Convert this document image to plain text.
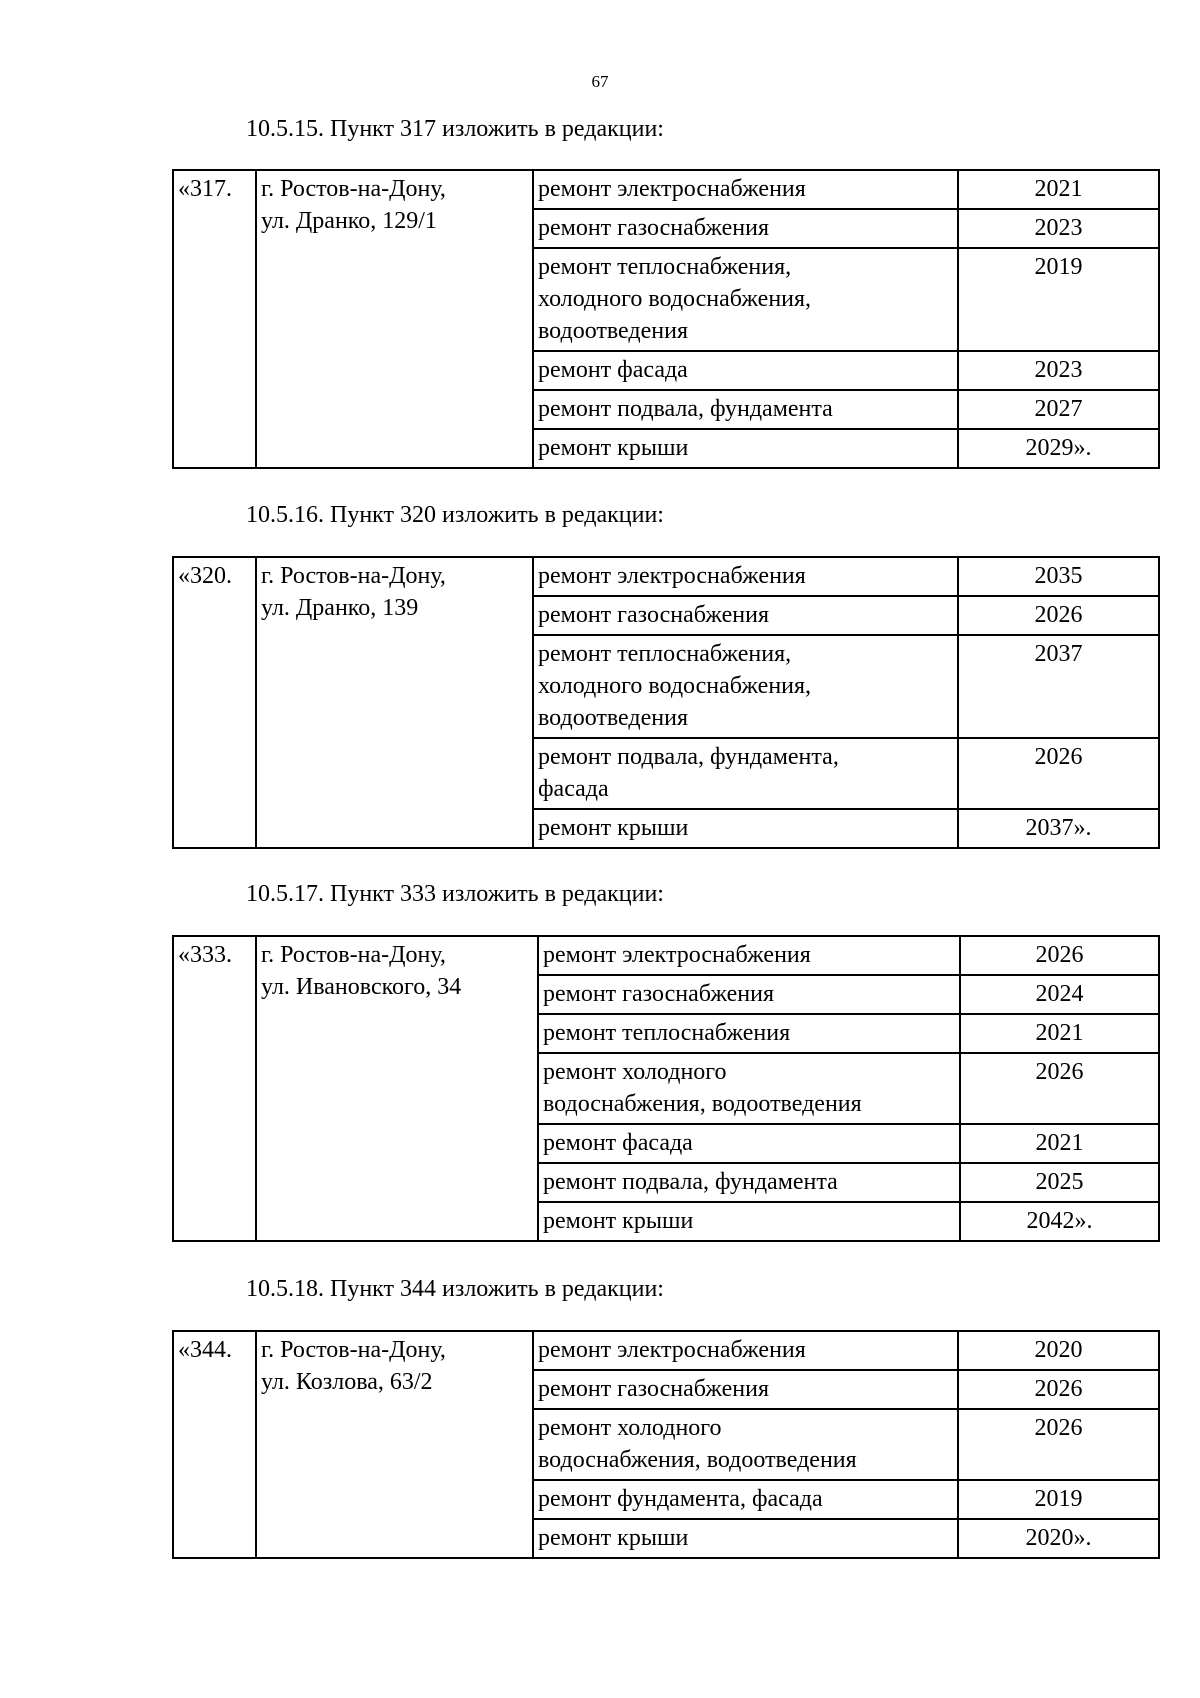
67
10.5.15. Пункт 317 изложить в редакции:
«317.	г. Ростов-на-Дону,
ул. Дранко, 129/1	ремонт электроснабжения	2021

		ремонт газоснабжения	2023

		ремонт теплоснабжения,
холодного водоснабжения,
водоотведения	2019

		ремонт фасада	2023

		ремонт подвала, фундамента	2027

		ремонт крыши	2029».
10.5.16. Пункт 320 изложить в редакции:
«320.	г. Ростов-на-Дону,
ул. Дранко, 139	ремонт электроснабжения	2035

		ремонт газоснабжения	2026

		ремонт теплоснабжения,
холодного водоснабжения,
водоотведения	2037

		ремонт подвала, фундамента,
фасада	2026

		ремонт крыши	2037».
10.5.17. Пункт 333 изложить в редакции:
«333.	г. Ростов-на-Дону,
ул. Ивановского, 34	ремонт электроснабжения	2026

		ремонт газоснабжения	2024

		ремонт теплоснабжения	2021

		ремонт холодного
водоснабжения, водоотведения	2026

		ремонт фасада	2021

		ремонт подвала, фундамента	2025

		ремонт крыши	2042».
10.5.18. Пункт 344 изложить в редакции:
«344.	г. Ростов-на-Дону,
ул. Козлова, 63/2	ремонт электроснабжения	2020

		ремонт газоснабжения	2026

		ремонт холодного
водоснабжения, водоотведения	2026

		ремонт фундамента, фасада	2019

		ремонт крыши	2020».
